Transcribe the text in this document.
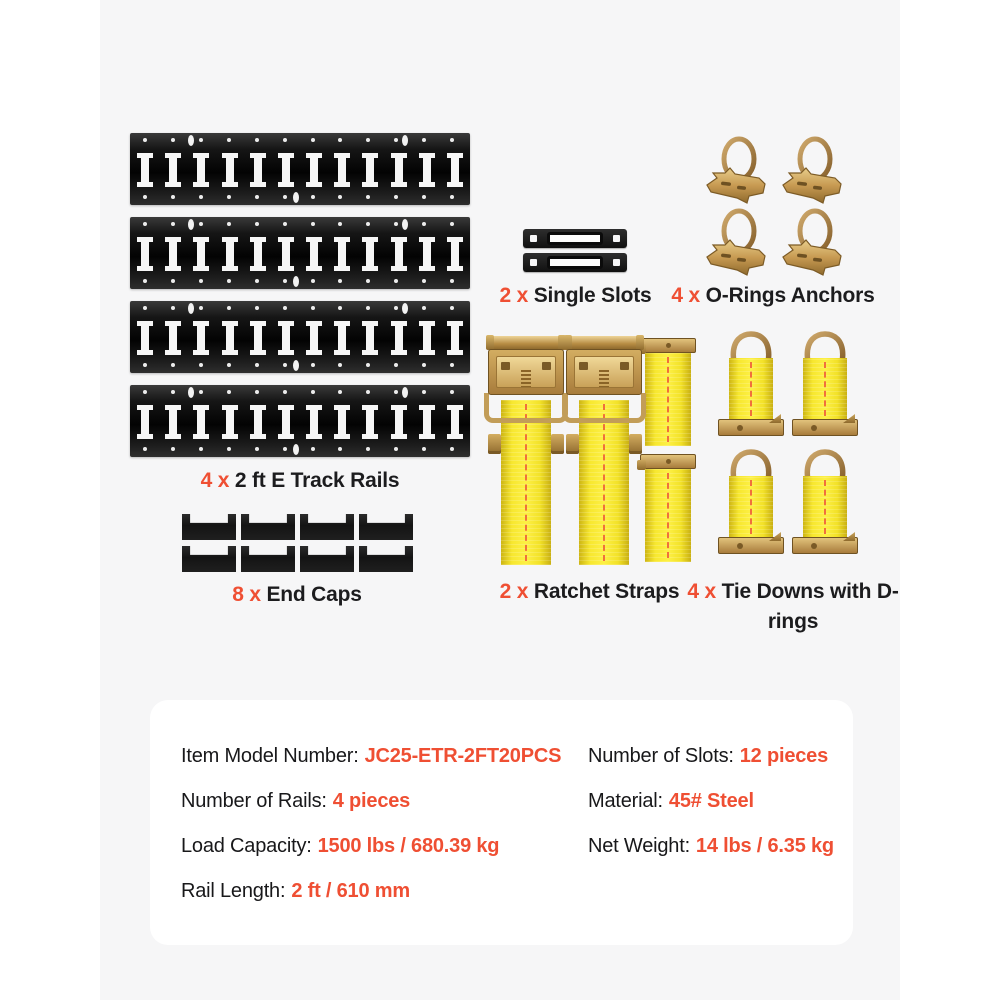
4 x 2 ft E Track Rails
2 x Single Slots 4 x O-Rings Anchors
8 x End Caps	2 x Ratchet Straps 4 x Tie Downs with D-rings
Item Model Number: JC25-ETR-2FT20PCS
Number of Rails: 4 pieces
Load Capacity: 1500 lbs / 680.39 kg
Rail Length: 2 ft / 610 mm
Number of Slots: 12 pieces
Material: 45# Steel
Net Weight: 14 lbs / 6.35 kg
